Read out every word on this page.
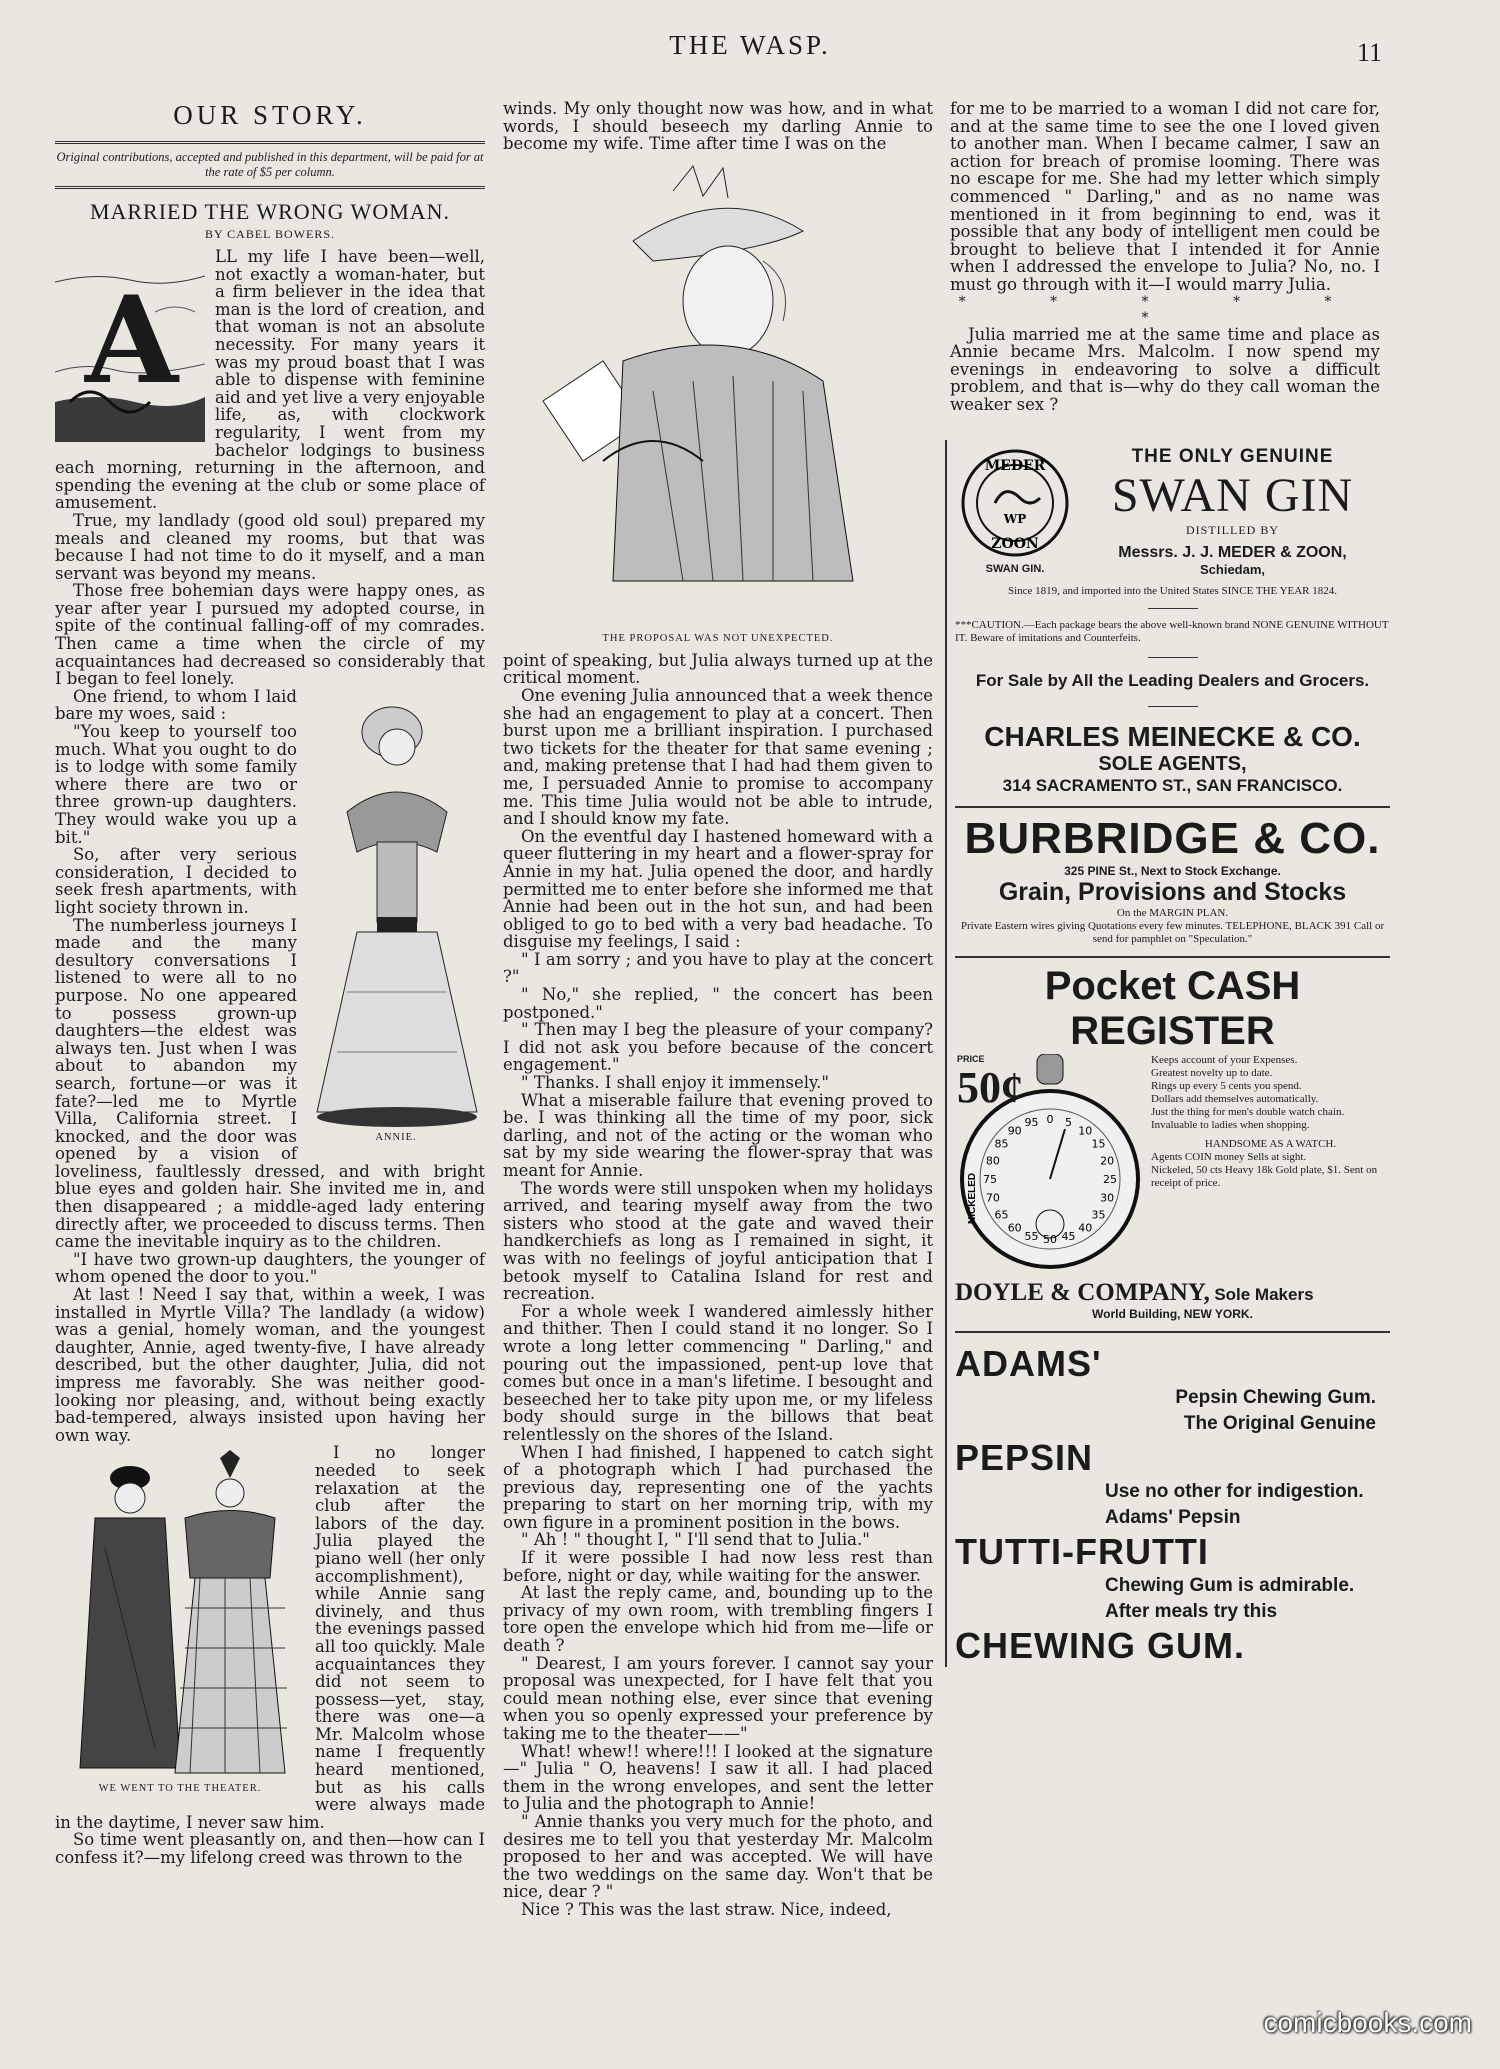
THE WASP.	11
OUR STORY.
Original contributions, accepted and published in this department, will be paid for at the rate of $5 per column.
MARRIED THE WRONG WOMAN.
BY CABEL BOWERS.
A

LL my life I have been—well, not exactly a woman-hater, but a firm believer in the idea that man is the lord of creation, and that woman is not an absolute necessity. For many years it was my proud boast that I was able to dispense with feminine aid and yet live a very enjoyable life, as, with clockwork regularity, I went from my bachelor lodgings to business each morning, returning in the afternoon, and spending the evening at the club or some place of amusement.

True, my landlady (good old soul) prepared my meals and cleaned my rooms, but that was because I had not time to do it myself, and a man servant was beyond my means.

Those free bohemian days were happy ones, as year after year I pursued my adopted course, in spite of the continual falling-off of my comrades. Then came a time when the circle of my acquaintances had decreased so considerably that I began to feel lonely.

ANNIE.

One friend, to whom I laid bare my woes, said :

"You keep to yourself too much. What you ought to do is to lodge with some family where there are two or three grown-up daughters. They would wake you up a bit."

So, after very serious consideration, I decided to seek fresh apartments, with light society thrown in.

The numberless journeys I made and the many desultory conversations I listened to were all to no purpose. No one appeared to possess grown-up daughters—the eldest was always ten. Just when I was about to abandon my search, fortune—or was it fate?—led me to Myrtle Villa, California street. I knocked, and the door was opened by a vision of loveliness, faultlessly dressed, and with bright blue eyes and golden hair. She invited me in, and then disappeared ; a middle-aged lady entering directly after, we proceeded to discuss terms. Then came the inevitable inquiry as to the children.

"I have two grown-up daughters, the younger of whom opened the door to you."

At last ! Need I say that, within a week, I was installed in Myrtle Villa? The landlady (a widow) was a genial, homely woman, and the youngest daughter, Annie, aged twenty-five, I have already described, but the other daughter, Julia, did not impress me favorably. She was neither good-looking nor pleasing, and, without being exactly bad-tempered, always insisted upon having her own way.

WE WENT TO THE THEATER.

I no longer needed to seek relaxation at the club after the labors of the day. Julia played the piano well (her only accomplishment), while Annie sang divinely, and thus the evenings passed all too quickly. Male acquaintances they did not seem to possess—yet, stay, there was one—a Mr. Malcolm whose name I frequently heard mentioned, but as his calls were always made in the daytime, I never saw him.

So time went pleasantly on, and then—how can I confess it?—my lifelong creed was thrown to the

winds. My only thought now was how, and in what words, I should beseech my darling Annie to become my wife. Time after time I was on the

THE PROPOSAL WAS NOT UNEXPECTED.

point of speaking, but Julia always turned up at the critical moment.

One evening Julia announced that a week thence she had an engagement to play at a concert. Then burst upon me a brilliant inspiration. I purchased two tickets for the theater for that same evening ; and, making pretense that I had had them given to me, I persuaded Annie to promise to accompany me. This time Julia would not be able to intrude, and I should know my fate.

On the eventful day I hastened homeward with a queer fluttering in my heart and a flower-spray for Annie in my hat. Julia opened the door, and hardly permitted me to enter before she informed me that Annie had been out in the hot sun, and had been obliged to go to bed with a very bad headache. To disguise my feelings, I said :

" I am sorry ; and you have to play at the concert ?"

" No," she replied, " the concert has been postponed."

" Then may I beg the pleasure of your company? I did not ask you before because of the concert engagement."

" Thanks. I shall enjoy it immensely."

What a miserable failure that evening proved to be. I was thinking all the time of my poor, sick darling, and not of the acting or the woman who sat by my side wearing the flower-spray that was meant for Annie.

The words were still unspoken when my holidays arrived, and tearing myself away from the two sisters who stood at the gate and waved their handkerchiefs as long as I remained in sight, it was with no feelings of joyful anticipation that I betook myself to Catalina Island for rest and recreation.

For a whole week I wandered aimlessly hither and thither. Then I could stand it no longer. So I wrote a long letter commencing " Darling," and pouring out the impassioned, pent-up love that comes but once in a man's lifetime. I besought and beseeched her to take pity upon me, or my lifeless body should surge in the billows that beat relentlessly on the shores of the Island.

When I had finished, I happened to catch sight of a photograph which I had purchased the previous day, representing one of the yachts preparing to start on her morning trip, with my own figure in a prominent position in the bows.

" Ah ! " thought I, " I'll send that to Julia."

If it were possible I had now less rest than before, night or day, while waiting for the answer.

At last the reply came, and, bounding up to the privacy of my own room, with trembling fingers I tore open the envelope which hid from me—life or death ?

" Dearest, I am yours forever. I cannot say your proposal was unexpected, for I have felt that you could mean nothing else, ever since that evening when you so openly expressed your preference by taking me to the theater——"

What! whew!! where!!! I looked at the signature—" Julia " O, heavens! I saw it all. I had placed them in the wrong envelopes, and sent the letter to Julia and the photograph to Annie!

" Annie thanks you very much for the photo, and desires me to tell you that yesterday Mr. Malcolm proposed to her and was accepted. We will have the two weddings on the same day. Won't that be nice, dear ? "

Nice ? This was the last straw. Nice, indeed,

for me to be married to a woman I did not care for, and at the same time to see the one I loved given to another man. When I became calmer, I saw an action for breach of promise looming. There was no escape for me. She had my letter which simply commenced " Darling," and as no name was mentioned in it from beginning to end, was it possible that any body of intelligent men could be brought to believe that I intended it for Annie when I addressed the envelope to Julia? No, no. I must go through with it—I would marry Julia.

* * * * * *

Julia married me at the same time and place as Annie became Mrs. Malcolm. I now spend my evenings in endeavoring to solve a difficult problem, and that is—why do they call woman the weaker sex ?

MEDER
ZOON
WP
SWAN GIN.
THE ONLY GENUINE
SWAN GIN
DISTILLED BY
Messrs. J. J. MEDER & ZOON,
Schiedam,
Since 1819, and imported into the United States SINCE THE YEAR 1824.
***CAUTION.—Each package bears the above well-known brand NONE GENUINE WITHOUT IT. Beware of imitations and Counterfeits.
For Sale by All the Leading Dealers and Grocers.
CHARLES MEINECKE & CO.
SOLE AGENTS,
314 SACRAMENTO ST., SAN FRANCISCO.
BURBRIDGE & CO.
325 PINE St., Next to Stock Exchange.
Grain, Provisions and Stocks
On the MARGIN PLAN.
Private Eastern wires giving Quotations every few minutes. TELEPHONE, BLACK 391 Call or send for pamphlet on "Speculation."
Pocket CASH REGISTER
PRICE
50¢
95 0 5
10
15
20
25
30
35
40
45
50
55
60
65
70
75
80
85
90
NICKELED
Keeps account of your Expenses.
Greatest novelty up to date.
Rings up every 5 cents you spend.
Dollars add themselves automatically.
Just the thing for men's double watch chain.
Invaluable to ladies when shopping.
HANDSOME AS A WATCH.
Agents COIN money Sells at sight.
Nickeled, 50 cts Heavy 18k Gold plate, $1. Sent on receipt of price.
DOYLE & COMPANY, Sole Makers
World Building, NEW YORK.
ADAMS'
Pepsin Chewing Gum.
The Original Genuine
PEPSIN
Use no other for indigestion. Adams' Pepsin
TUTTI-FRUTTI
Chewing Gum is admirable. After meals try this
CHEWING GUM.
comicbooks.com
